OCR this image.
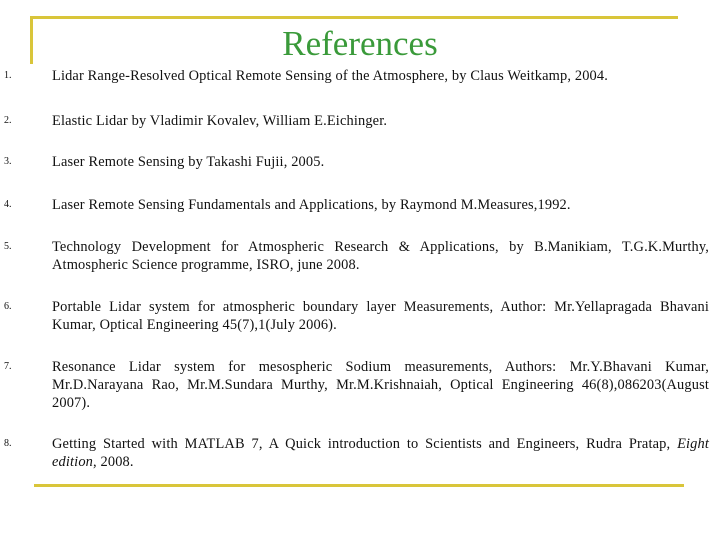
References
1.	Lidar Range-Resolved Optical Remote Sensing of the Atmosphere, by Claus Weitkamp, 2004.
2.	Elastic Lidar by Vladimir Kovalev, William E.Eichinger.
3.	Laser Remote Sensing by Takashi Fujii, 2005.
4.	Laser Remote Sensing Fundamentals and Applications, by Raymond M.Measures,1992.
5.	Technology Development for Atmospheric Research & Applications, by B.Manikiam, T.G.K.Murthy, Atmospheric Science programme, ISRO, june 2008.
6.	Portable Lidar system for atmospheric boundary layer Measurements, Author: Mr.Yellapragada Bhavani Kumar, Optical Engineering 45(7),1(July 2006).
7.	Resonance Lidar system for mesospheric Sodium measurements, Authors: Mr.Y.Bhavani Kumar, Mr.D.Narayana Rao, Mr.M.Sundara Murthy, Mr.M.Krishnaiah, Optical Engineering 46(8),086203(August 2007).
8.	Getting Started with MATLAB 7, A Quick introduction to Scientists and Engineers, Rudra Pratap, Eight edition, 2008.
